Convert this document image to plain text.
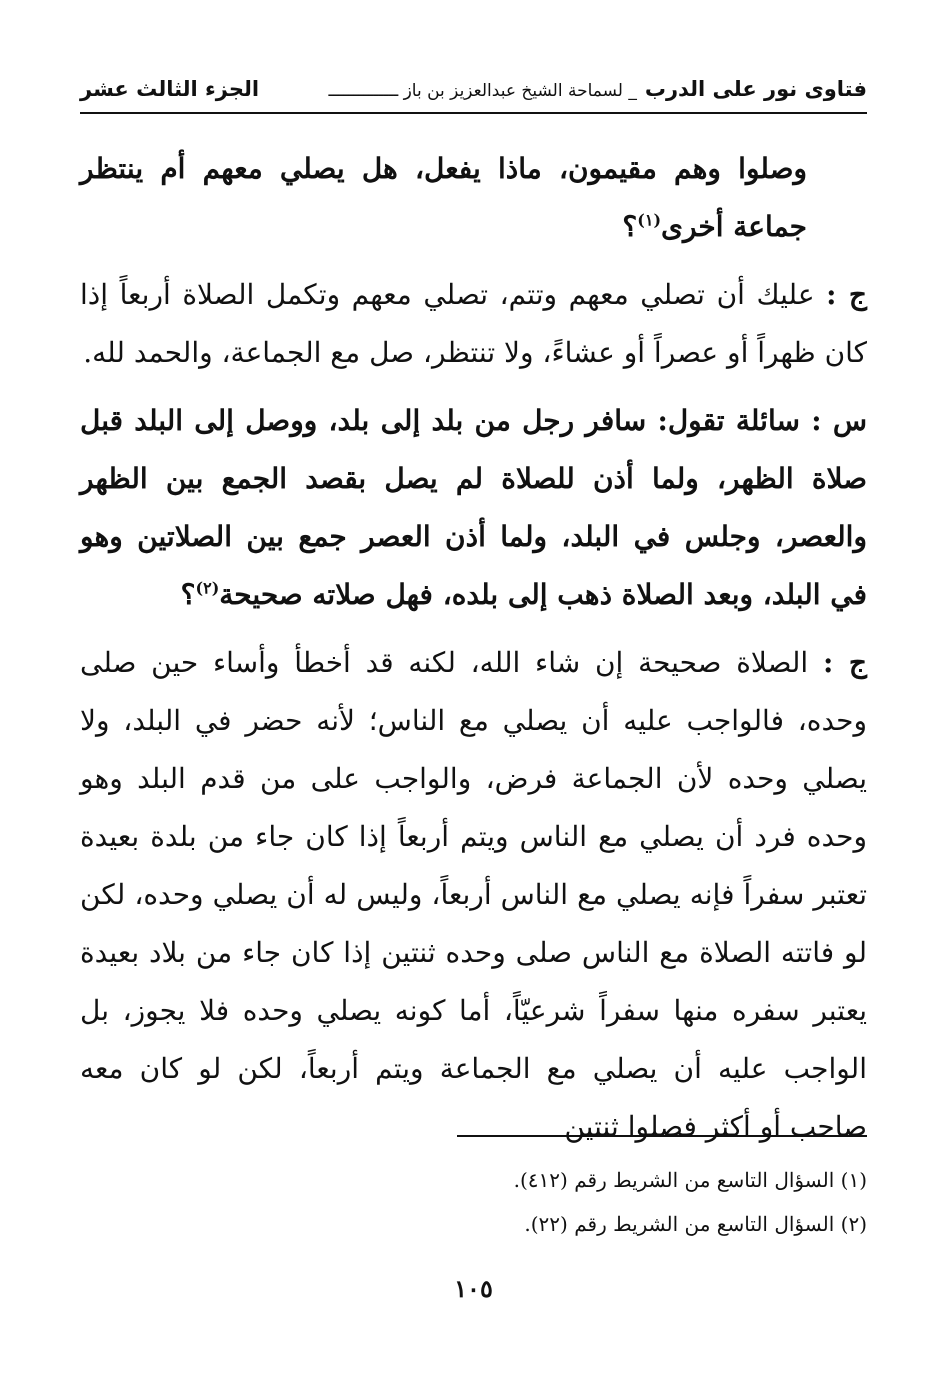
فتاوى نور على الدرب
_ لسماحة الشيخ عبدالعزيز بن باز ــــــــــــــ
الجزء الثالث عشر

وصلوا وهم مقيمون، ماذا يفعل، هل يصلي معهم أم ينتظر جماعة أخرى$^{(١)}$؟

ج : عليك أن تصلي معهم وتتم، تصلي معهم وتكمل الصلاة أربعاً إذا كان ظهراً أو عصراً أو عشاءً، ولا تنتظر، صل مع الجماعة، والحمد لله.

س : سائلة تقول: سافر رجل من بلد إلى بلد، ووصل إلى البلد قبل صلاة الظهر، ولما أذن للصلاة لم يصل بقصد الجمع بين الظهر والعصر، وجلس في البلد، ولما أذن العصر جمع بين الصلاتين وهو في البلد، وبعد الصلاة ذهب إلى بلده، فهل صلاته صحيحة$^{(٢)}$؟

ج : الصلاة صحيحة إن شاء الله، لكنه قد أخطأ وأساء حين صلى وحده، فالواجب عليه أن يصلي مع الناس؛ لأنه حضر في البلد، ولا يصلي وحده لأن الجماعة فرض، والواجب على من قدم البلد وهو وحده فرد أن يصلي مع الناس ويتم أربعاً إذا كان جاء من بلدة بعيدة تعتبر سفراً فإنه يصلي مع الناس أربعاً، وليس له أن يصلي وحده، لكن لو فاتته الصلاة مع الناس صلى وحده ثنتين إذا كان جاء من بلاد بعيدة يعتبر سفره منها سفراً شرعيّاً، أما كونه يصلي وحده فلا يجوز، بل الواجب عليه أن يصلي مع الجماعة ويتم أربعاً، لكن لو كان معه صاحب أو أكثر فصلوا ثنتين

(١) السؤال التاسع من الشريط رقم (٤١٢).

(٢) السؤال التاسع من الشريط رقم (٢٢).

١٠٥
